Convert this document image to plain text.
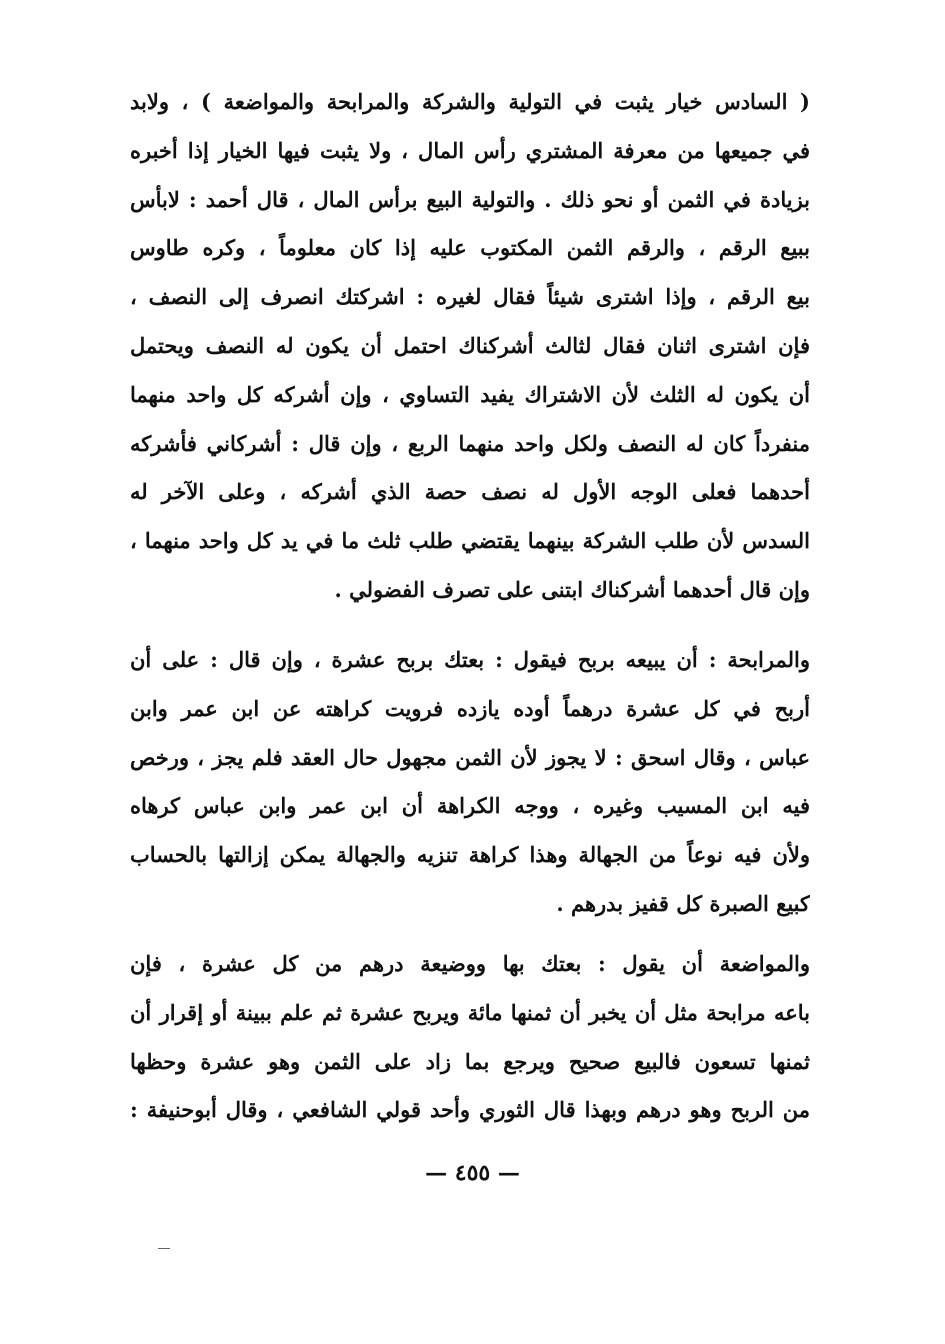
( السادس خيار يثبت في التولية والشركة والمرابحة والمواضعة ) ، ولابد
في جميعها من معرفة المشتري رأس المال ، ولا يثبت فيها الخيار إذا أخبره
بزيادة في الثمن أو نحو ذلك . والتولية البيع برأس المال ، قال أحمد : لابأس
ببيع الرقم ، والرقم الثمن المكتوب عليه إذا كان معلوماً ، وكره طاوس
بيع الرقم ، وإذا اشترى شيئاً فقال لغيره : اشركتك انصرف إلى النصف ،
فإن اشترى اثنان فقال لثالث أشركناك احتمل أن يكون له النصف ويحتمل
أن يكون له الثلث لأن الاشتراك يفيد التساوي ، وإن أشركه كل واحد منهما
منفرداً كان له النصف ولكل واحد منهما الربع ، وإن قال : أشركاني فأشركه
أحدهما فعلى الوجه الأول له نصف حصة الذي أشركه ، وعلى الآخر له
السدس لأن طلب الشركة بينهما يقتضي طلب ثلث ما في يد كل واحد منهما ،
وإن قال أحدهما أشركناك ابتنى على تصرف الفضولي .
والمرابحة : أن يبيعه بربح فيقول : بعتك بربح عشرة ، وإن قال : على أن
أربح في كل عشرة درهماً أوده يازده فرويت كراهته عن ابن عمر وابن
عباس ، وقال اسحق : لا يجوز لأن الثمن مجهول حال العقد فلم يجز ، ورخص
فيه ابن المسيب وغيره ، ووجه الكراهة أن ابن عمر وابن عباس كرهاه
ولأن فيه نوعاً من الجهالة وهذا كراهة تنزيه والجهالة يمكن إزالتها بالحساب
كبيع الصبرة كل قفيز بدرهم .
والمواضعة أن يقول : بعتك بها ووضيعة درهم من كل عشرة ، فإن
باعه مرابحة مثل أن يخبر أن ثمنها مائة ويربح عشرة ثم علم ببينة أو إقرار أن
ثمنها تسعون فالبيع صحيح ويرجع بما زاد على الثمن وهو عشرة وحظها
من الربح وهو درهم وبهذا قال الثوري وأحد قولي الشافعي ، وقال أبوحنيفة :
— ٤٥٥ —
